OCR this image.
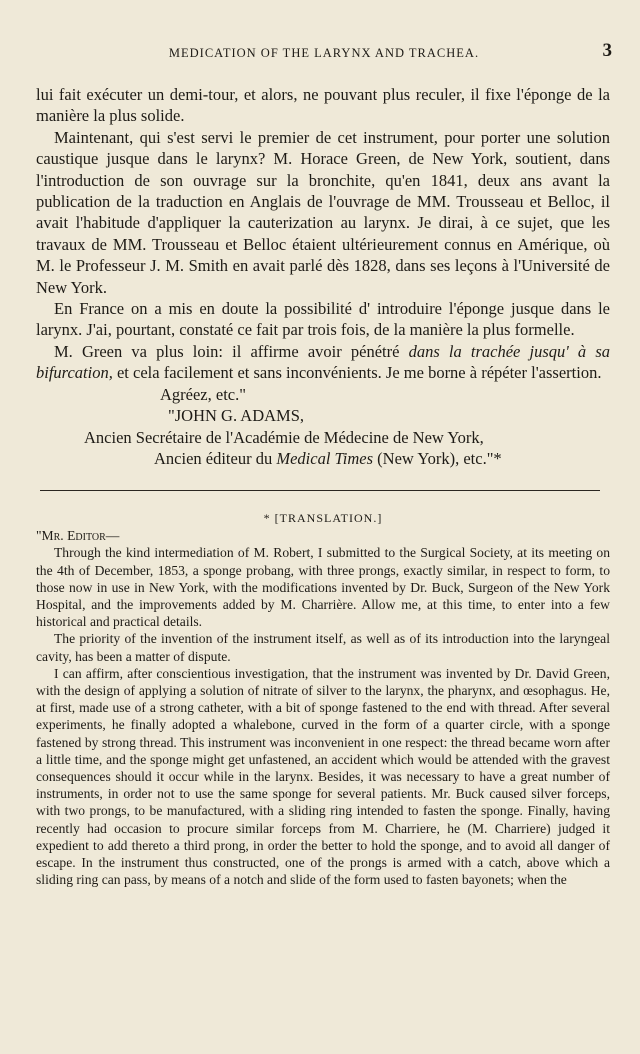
MEDICATION OF THE LARYNX AND TRACHEA.	3

lui fait exécuter un demi-tour, et alors, ne pouvant plus reculer, il fixe l'éponge de la manière la plus solide.

Maintenant, qui s'est servi le premier de cet instrument, pour porter une solution caustique jusque dans le larynx? M. Horace Green, de New York, soutient, dans l'introduction de son ouvrage sur la bronchite, qu'en 1841, deux ans avant la publication de la traduction en Anglais de l'ouvrage de MM. Trousseau et Belloc, il avait l'habitude d'appliquer la cauterization au larynx. Je dirai, à ce sujet, que les travaux de MM. Trousseau et Belloc étaient ultérieurement connus en Amérique, où M. le Professeur J. M. Smith en avait parlé dès 1828, dans ses leçons à l'Université de New York.

En France on a mis en doute la possibilité d' introduire l'éponge jusque dans le larynx. J'ai, pourtant, constaté ce fait par trois fois, de la manière la plus formelle.

M. Green va plus loin: il affirme avoir pénétré dans la trachée jusqu' à sa bifurcation, et cela facilement et sans inconvénients. Je me borne à répéter l'assertion.

Agréez, etc."
"JOHN G. ADAMS,
Ancien Secrétaire de l'Académie de Médecine de New York,
Ancien éditeur du Medical Times (New York), etc."*

* [TRANSLATION.]

"Mr. Editor—

Through the kind intermediation of M. Robert, I submitted to the Surgical Society, at its meeting on the 4th of December, 1853, a sponge probang, with three prongs, exactly similar, in respect to form, to those now in use in New York, with the modifications invented by Dr. Buck, Surgeon of the New York Hospital, and the improvements added by M. Charrière. Allow me, at this time, to enter into a few historical and practical details.

The priority of the invention of the instrument itself, as well as of its introduction into the laryngeal cavity, has been a matter of dispute.

I can affirm, after conscientious investigation, that the instrument was invented by Dr. David Green, with the design of applying a solution of nitrate of silver to the larynx, the pharynx, and œsophagus. He, at first, made use of a strong catheter, with a bit of sponge fastened to the end with thread. After several experiments, he finally adopted a whalebone, curved in the form of a quarter circle, with a sponge fastened by strong thread. This instrument was inconvenient in one respect: the thread became worn after a little time, and the sponge might get unfastened, an accident which would be attended with the gravest consequences should it occur while in the larynx. Besides, it was necessary to have a great number of instruments, in order not to use the same sponge for several patients. Mr. Buck caused silver forceps, with two prongs, to be manufactured, with a sliding ring intended to fasten the sponge. Finally, having recently had occasion to procure similar forceps from M. Charriere, he (M. Charriere) judged it expedient to add thereto a third prong, in order the better to hold the sponge, and to avoid all danger of escape. In the instrument thus constructed, one of the prongs is armed with a catch, above which a sliding ring can pass, by means of a notch and slide of the form used to fasten bayonets; when the
